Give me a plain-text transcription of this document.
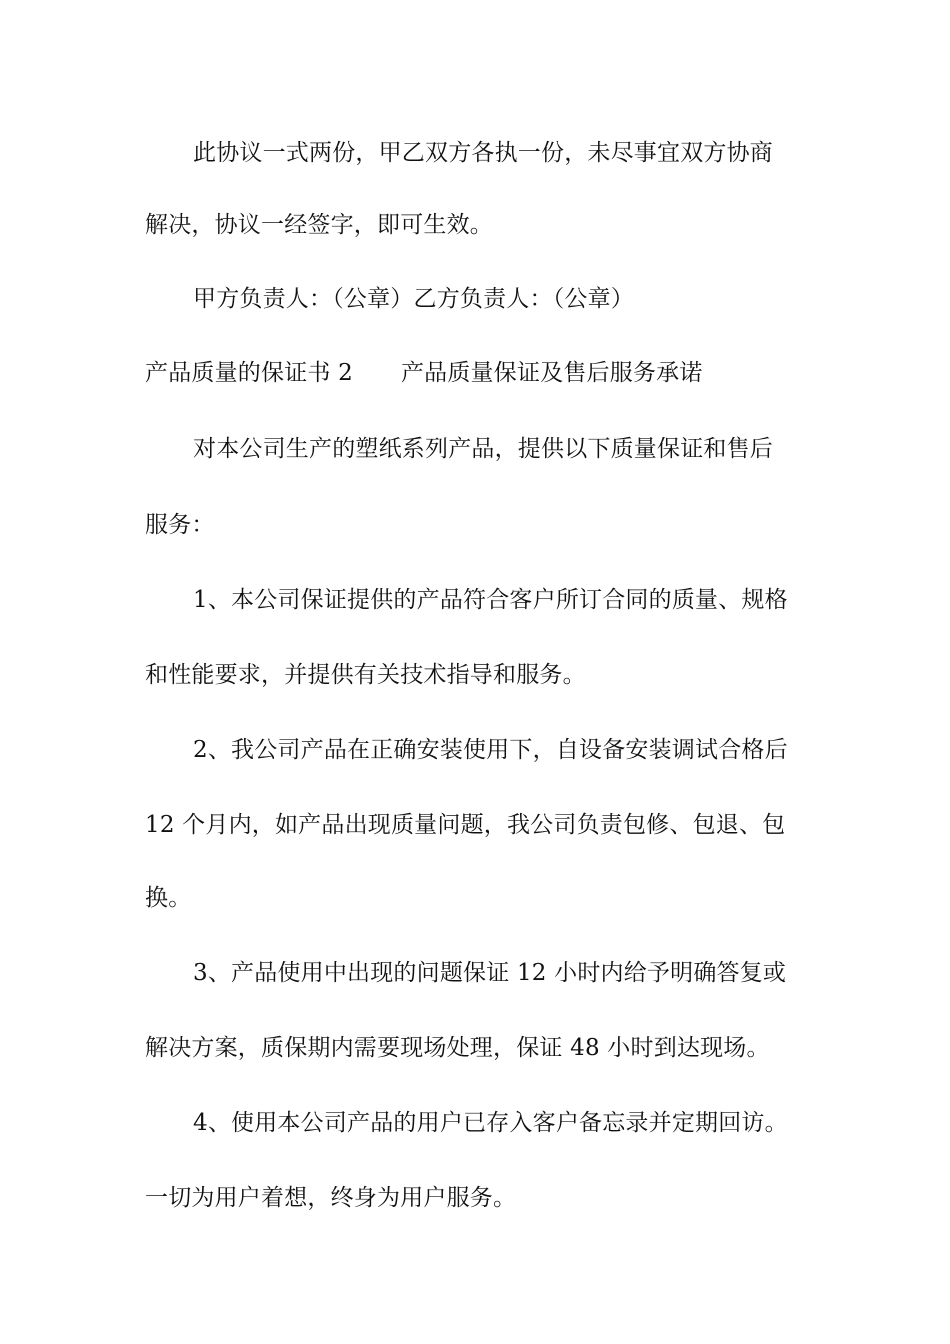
此协议一式两份，甲乙双方各执一份，未尽事宜双方协商
解决，协议一经签字，即可生效。
甲方负责人：（公章）乙方负责人：（公章）
产品质量的保证书 2 产品质量保证及售后服务承诺
对本公司生产的塑纸系列产品，提供以下质量保证和售后
服务：
1、本公司保证提供的产品符合客户所订合同的质量、规格
和性能要求，并提供有关技术指导和服务。
2、我公司产品在正确安装使用下，自设备安装调试合格后
12 个月内，如产品出现质量问题，我公司负责包修、包退、包
换。
3、产品使用中出现的问题保证 12 小时内给予明确答复或
解决方案，质保期内需要现场处理，保证 48 小时到达现场。
4、使用本公司产品的用户已存入客户备忘录并定期回访。
一切为用户着想，终身为用户服务。
